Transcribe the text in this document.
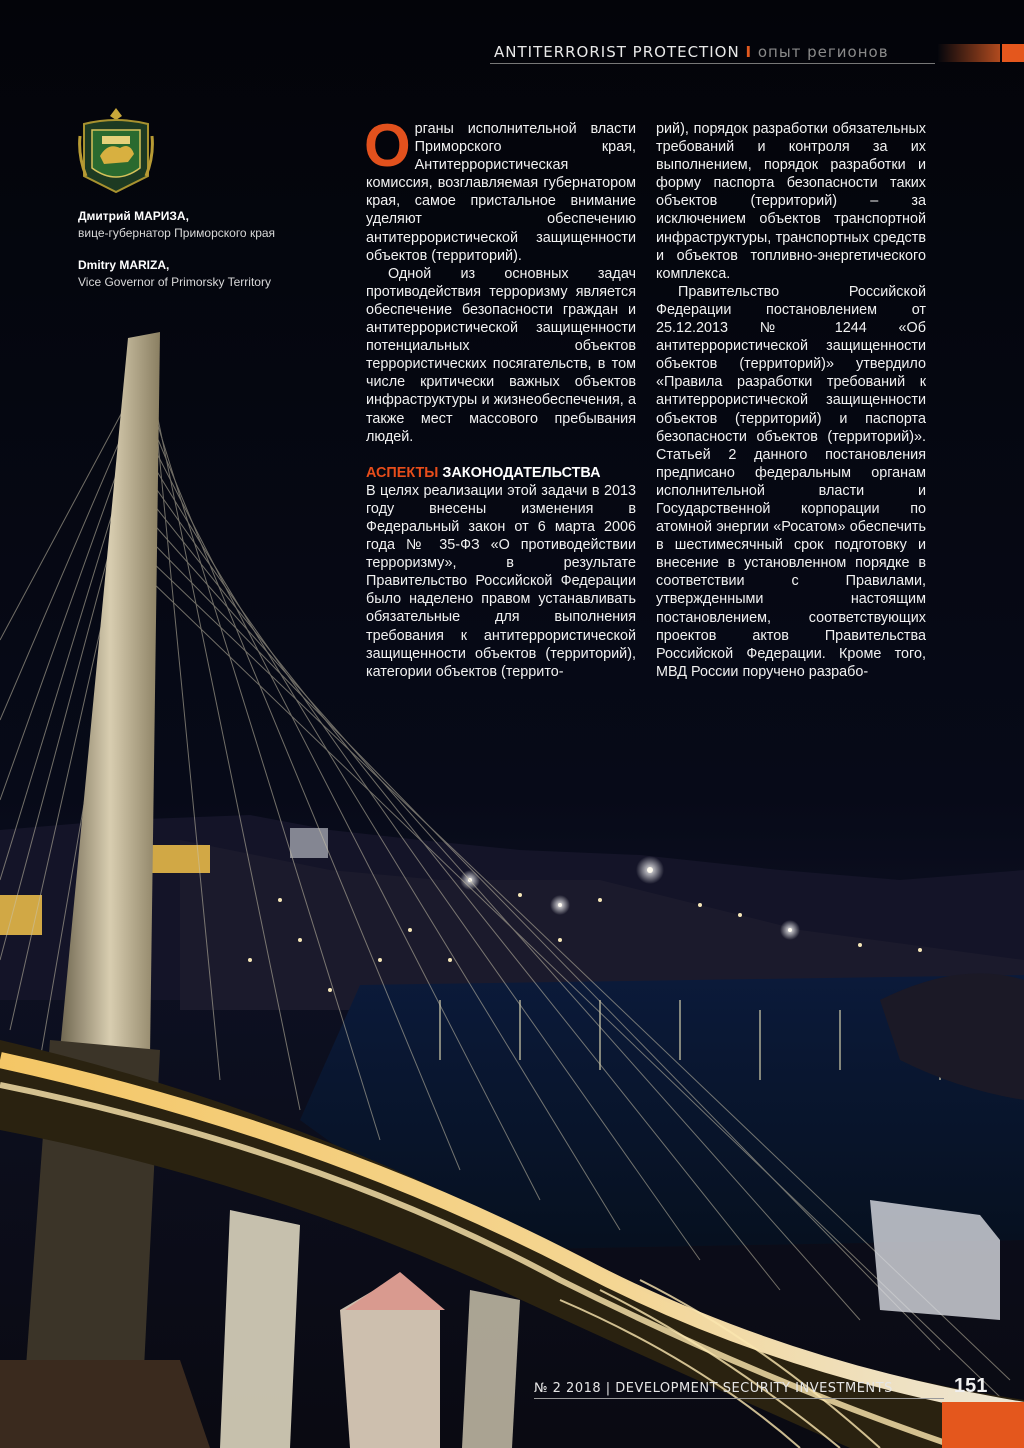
ANTITERRORIST PROTECTION I опыт регионов
Дмитрий МАРИЗА,
вице-губернатор Приморского края
Dmitry MARIZA,
Vice Governor of Primorsky Territory

Органы исполнительной власти Приморского края, Антитеррористическая комиссия, возглавляемая губернатором края, самое пристальное внимание уделяют обеспечению антитеррористической защищенности объектов (территорий).

Одной из основных задач противодействия терроризму является обеспечение безопасности граждан и антитеррористической защищенности потенциальных объектов террористических посягательств, в том числе критически важных объектов инфраструктуры и жизнеобеспечения, а также мест массового пребывания людей.

АСПЕКТЫ ЗАКОНОДАТЕЛЬСТВА

В целях реализации этой задачи в 2013 году внесены изменения в Федеральный закон от 6 марта 2006 года № 35-ФЗ «О противодействии терроризму», в результате Правительство Российской Федерации было наделено правом устанавливать обязательные для выполнения требования к антитеррористической защищенности объектов (территорий), категории объектов (террито-

рий), порядок разработки обязательных требований и контроля за их выполнением, порядок разработки и форму паспорта безопасности таких объектов (территорий) – за исключением объектов транспортной инфраструктуры, транспортных средств и объектов топливно-энергетического комплекса.

Правительство Российской Федерации постановлением от 25.12.2013 № 1244 «Об антитеррористической защищенности объектов (территорий)» утвердило «Правила разработки требований к антитеррористической защищенности объектов (территорий) и паспорта безопасности объектов (территорий)». Статьей 2 данного постановления предписано федеральным органам исполнительной власти и Государственной корпорации по атомной энергии «Росатом» обеспечить в шестимесячный срок подготовку и внесение в установленном порядке в соответствии с Правилами, утвержденными настоящим постановлением, соответствующих проектов актов Правительства Российской Федерации. Кроме того, МВД России поручено разрабо-

№ 2 2018 | DEVELOPMENT SECURITY INVESTMENTS	151
